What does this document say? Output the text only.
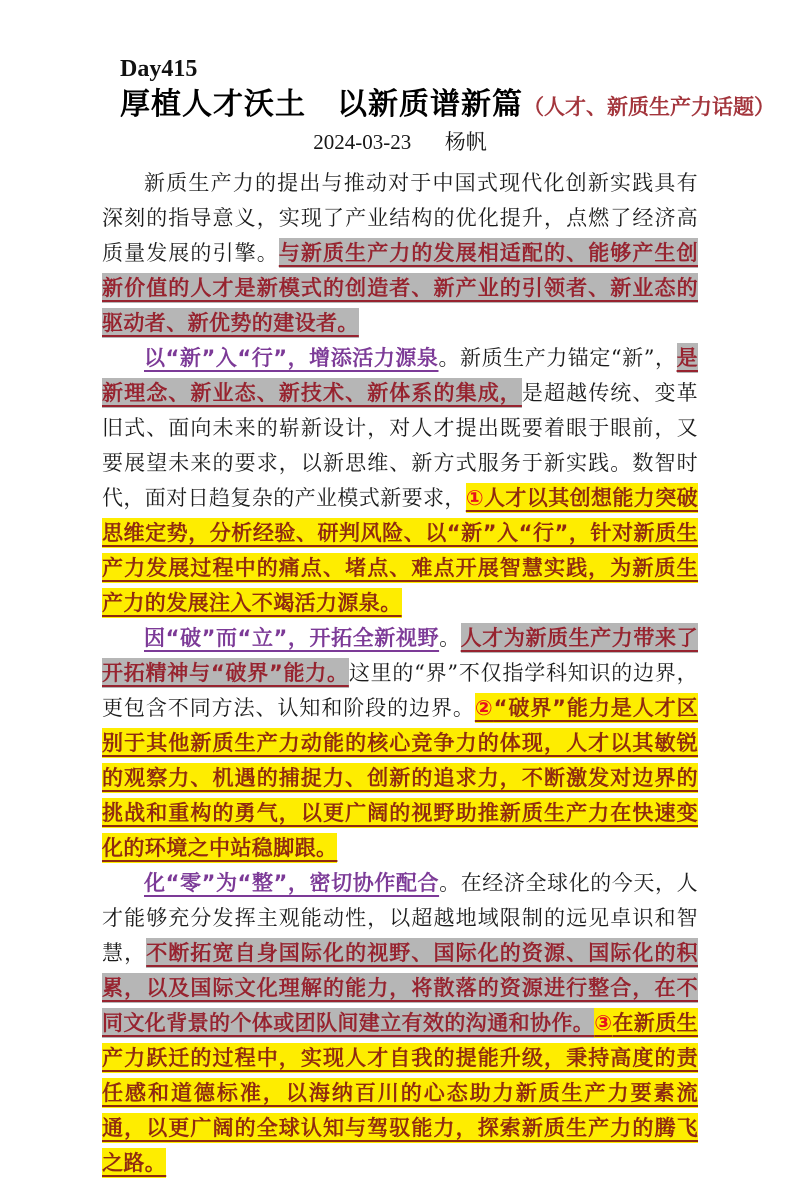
Day415
厚植人才沃土　以新质谱新篇（人才、新质生产力话题）
2024-03-23 杨帆

新质生产力的提出与推动对于中国式现代化创新实践具有深刻的指导意义，实现了产业结构的优化提升，点燃了经济高质量发展的引擎。与新质生产力的发展相适配的、能够产生创新价值的人才是新模式的创造者、新产业的引领者、新业态的驱动者、新优势的建设者。

以“新”入“行”，增添活力源泉。新质生产力锚定“新”，是新理念、新业态、新技术、新体系的集成，是超越传统、变革旧式、面向未来的崭新设计，对人才提出既要着眼于眼前，又要展望未来的要求，以新思维、新方式服务于新实践。数智时代，面对日趋复杂的产业模式新要求，①人才以其创想能力突破思维定势，分析经验、研判风险、以“新”入“行”，针对新质生产力发展过程中的痛点、堵点、难点开展智慧实践，为新质生产力的发展注入不竭活力源泉。

因“破”而“立”，开拓全新视野。人才为新质生产力带来了开拓精神与“破界”能力。这里的“界”不仅指学科知识的边界，更包含不同方法、认知和阶段的边界。②“破界”能力是人才区别于其他新质生产力动能的核心竞争力的体现，人才以其敏锐的观察力、机遇的捕捉力、创新的追求力，不断激发对边界的挑战和重构的勇气，以更广阔的视野助推新质生产力在快速变化的环境之中站稳脚跟。

化“零”为“整”，密切协作配合。在经济全球化的今天，人才能够充分发挥主观能动性，以超越地域限制的远见卓识和智慧，不断拓宽自身国际化的视野、国际化的资源、国际化的积累，以及国际文化理解的能力，将散落的资源进行整合，在不同文化背景的个体或团队间建立有效的沟通和协作。③在新质生产力跃迁的过程中，实现人才自我的提能升级，秉持高度的责任感和道德标准，以海纳百川的心态助力新质生产力要素流通，以更广阔的全球认知与驾驭能力，探索新质生产力的腾飞之路。
